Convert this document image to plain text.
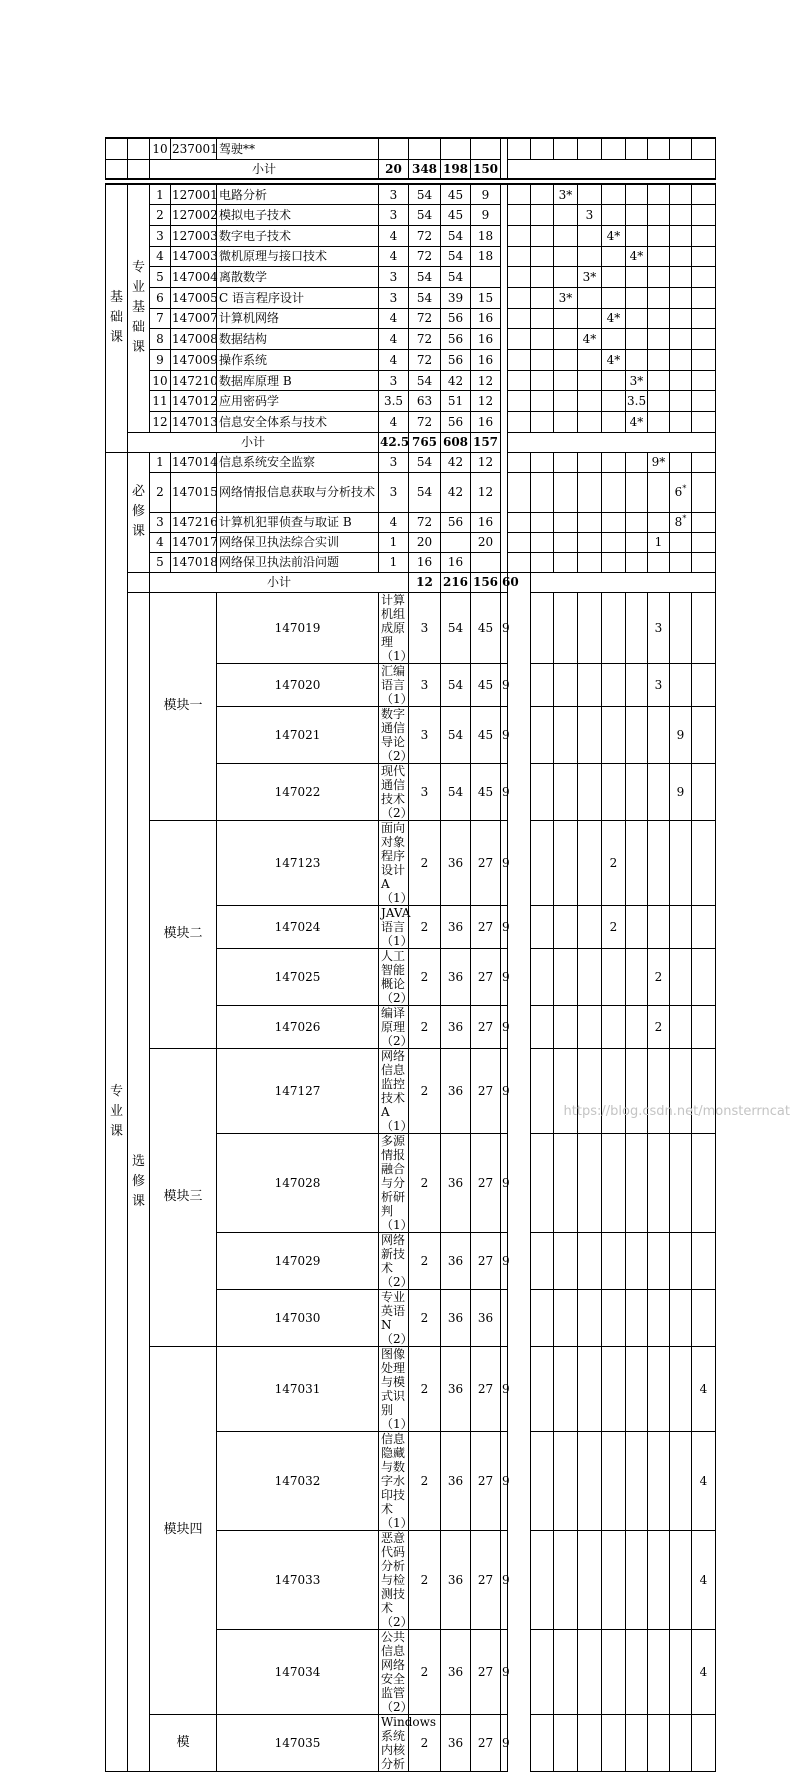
		10	237001	驾驶**															
		小计			20	348	198	150											

基础课	专业基础课	1	127001	电路分析	3	54	45	9				3*							
		2	127002	模拟电子技术	3	54	45	9					3						
		3	127003	数字电子技术	4	72	54	18						4*					
		4	147003	微机原理与接口技术	4	72	54	18							4*				
		5	147004	离散数学	3	54	54						3*						
		6	147005	C 语言程序设计	3	54	39	15				3*							
		7	147007	计算机网络	4	72	56	16						4*					
		8	147008	数据结构	4	72	56	16					4*						
		9	147009	操作系统	4	72	56	16						4*					
		10	147210	数据库原理 B	3	54	42	12							3*				
		11	147012	应用密码学	3.5	63	51	12							3.5				
		12	147013	信息安全体系与技术	4	72	56	16							4*				
	小计				42.5	765	608	157											
专业课	必修课	1	147014	信息系统安全监察	3	54	42	12								9*			
		2	147015	网络情报信息获取与分析技术	3	54	42	12									6*	
		3	147216	计算机犯罪侦查与取证 B	4	72	56	16									8*	
		4	147017	网络保卫执法综合实训	1	20		20								1			
		5	147018	网络保卫执法前沿问题	1	16	16												
		小计				12	216	156	60										
	选修课	模块一		147019	计算机组成原理（1）	3	54	45	9							3			
				147020	汇编语言（1）	3	54	45	9							3			
				147021	数字通信导论（2）	3	54	45	9								9		
				147022	现代通信技术（2）	3	54	45	9								9		
		模块二		147123	面向对象程序设计 A（1）	2	36	27	9					2					
				147024	JAVA 语言（1）	2	36	27	9					2					
				147025	人工智能概论（2）	2	36	27	9							2			
				147026	编译原理（2）	2	36	27	9							2			
		模块三		147127	网络信息监控技术 A（1）	2	36	27	9										
				147028	多源情报融合与分析研判（1）	2	36	27	9										
				147029	网络新技术（2）	2	36	27	9										
				147030	专业英语 N（2）	2	36	36											
		模块四		147031	图像处理与模式识别（1）	2	36	27	9									4	
				147032	信息隐藏与数字水印技术（1）	2	36	27	9									4	
				147033	恶意代码分析与检测技术（2）	2	36	27	9									4	
				147034	公共信息网络安全监管（2）	2	36	27	9									4	
		模		147035	Windows 系统内核分析	2	36	27	9										
https://blog.csdn.net/monsterrncat
